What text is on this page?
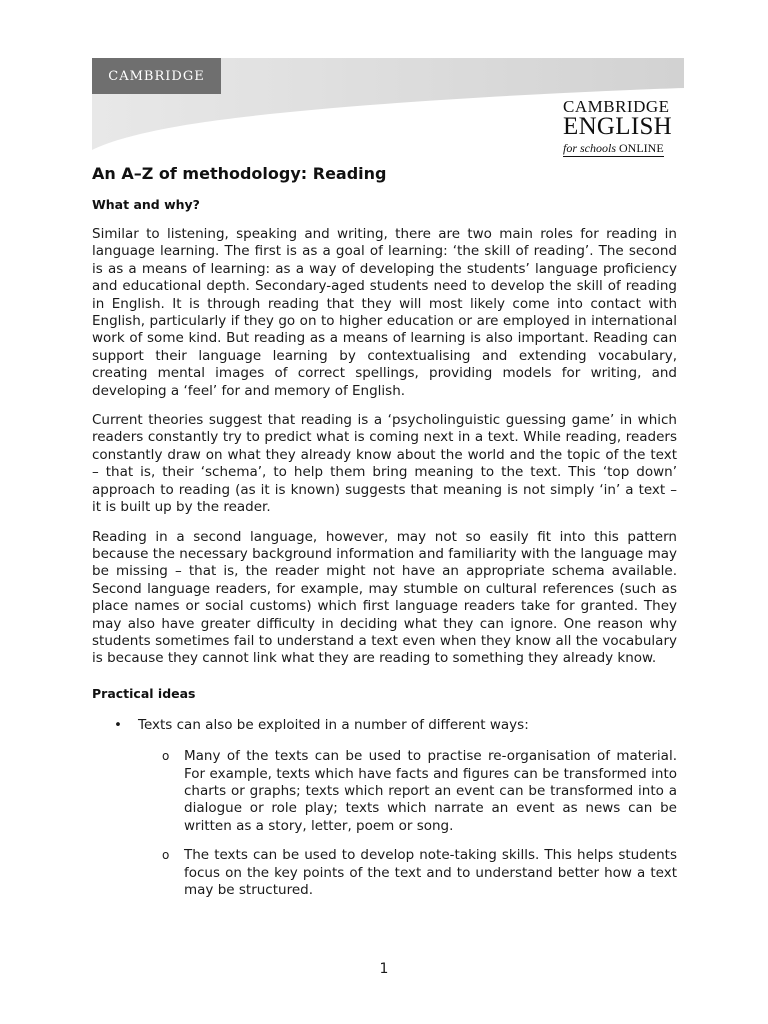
CAMBRIDGE
CAMBRIDGE
ENGLISH
for schools ONLINE
An A–Z of methodology: Reading
What and why?

Similar to listening, speaking and writing, there are two main roles for reading in language learning. The first is as a goal of learning: ‘the skill of reading’. The second is as a means of learning: as a way of developing the students’ language proficiency and educational depth. Secondary-aged students need to develop the skill of reading in English. It is through reading that they will most likely come into contact with English, particularly if they go on to higher education or are employed in international work of some kind. But reading as a means of learning is also important. Reading can support their language learning by contextualising and extending vocabulary, creating mental images of correct spellings, providing models for writing, and developing a ‘feel’ for and memory of English.

Current theories suggest that reading is a ‘psycholinguistic guessing game’ in which readers constantly try to predict what is coming next in a text. While reading, readers constantly draw on what they already know about the world and the topic of the text – that is, their ‘schema’, to help them bring meaning to the text. This ‘top down’ approach to reading (as it is known) suggests that meaning is not simply ‘in’ a text – it is built up by the reader.

Reading in a second language, however, may not so easily fit into this pattern because the necessary background information and familiarity with the language may be missing – that is, the reader might not have an appropriate schema available. Second language readers, for example, may stumble on cultural references (such as place names or social customs) which first language readers take for granted. They may also have greater difficulty in deciding what they can ignore. One reason why students sometimes fail to understand a text even when they know all the vocabulary is because they cannot link what they are reading to something they already know.

Practical ideas
• Texts can also be exploited in a number of different ways:
o Many of the texts can be used to practise re-organisation of material. For example, texts which have facts and figures can be transformed into charts or graphs; texts which report an event can be transformed into a dialogue or role play; texts which narrate an event as news can be written as a story, letter, poem or song.
o The texts can be used to develop note-taking skills. This helps students focus on the key points of the text and to understand better how a text may be structured.
1
